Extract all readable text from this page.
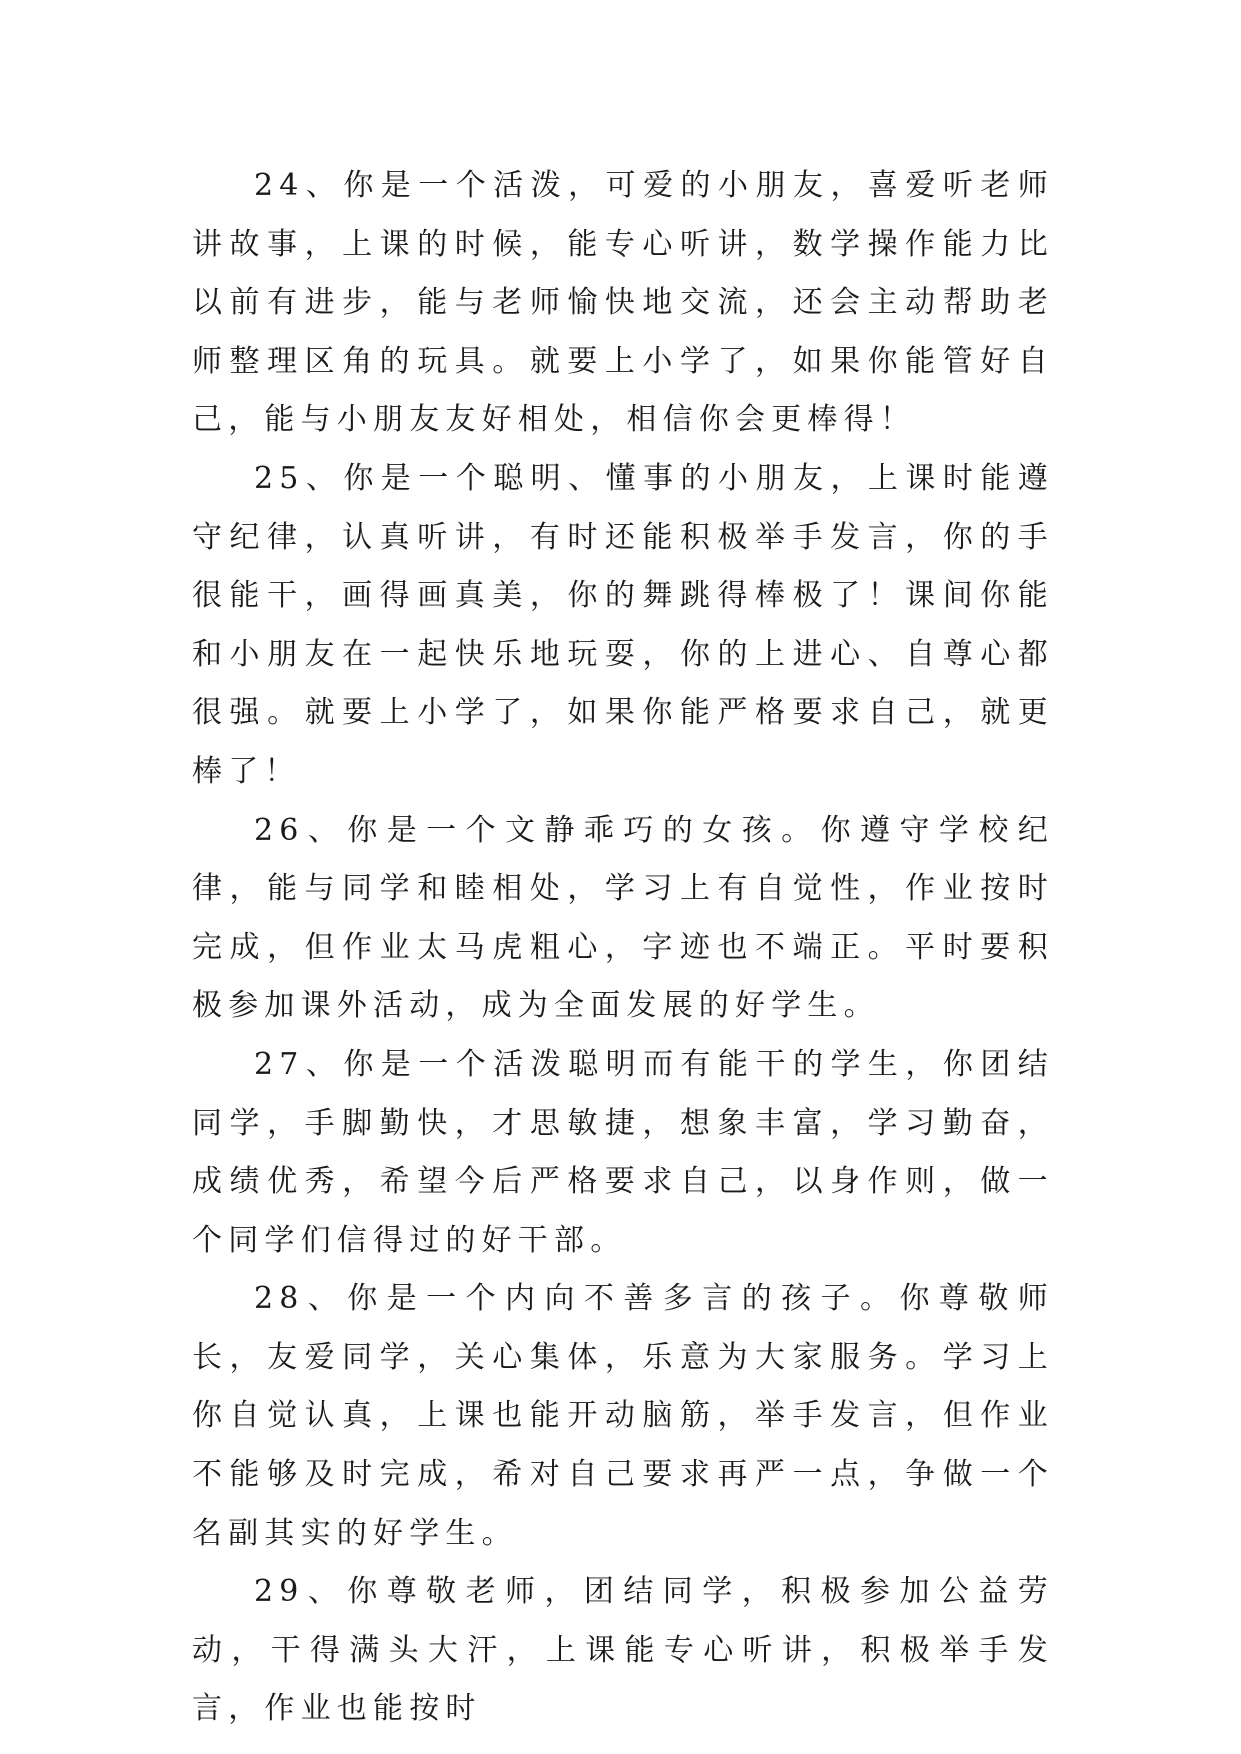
24、你是一个活泼，可爱的小朋友，喜爱听老师讲故事，上课的时候，能专心听讲，数学操作能力比以前有进步，能与老师愉快地交流，还会主动帮助老师整理区角的玩具。就要上小学了，如果你能管好自己，能与小朋友友好相处，相信你会更棒得！

25、你是一个聪明、懂事的小朋友，上课时能遵守纪律，认真听讲，有时还能积极举手发言，你的手很能干，画得画真美，你的舞跳得棒极了！课间你能和小朋友在一起快乐地玩耍，你的上进心、自尊心都很强。就要上小学了，如果你能严格要求自己，就更棒了！

26、你是一个文静乖巧的女孩。你遵守学校纪律，能与同学和睦相处，学习上有自觉性，作业按时完成，但作业太马虎粗心，字迹也不端正。平时要积极参加课外活动，成为全面发展的好学生。

27、你是一个活泼聪明而有能干的学生，你团结同学，手脚勤快，才思敏捷，想象丰富，学习勤奋，成绩优秀，希望今后严格要求自己，以身作则，做一个同学们信得过的好干部。

28、你是一个内向不善多言的孩子。你尊敬师长，友爱同学，关心集体，乐意为大家服务。学习上你自觉认真，上课也能开动脑筋，举手发言，但作业不能够及时完成，希对自己要求再严一点，争做一个名副其实的好学生。

29、你尊敬老师，团结同学，积极参加公益劳动，干得满头大汗，上课能专心听讲，积极举手发言，作业也能按时
